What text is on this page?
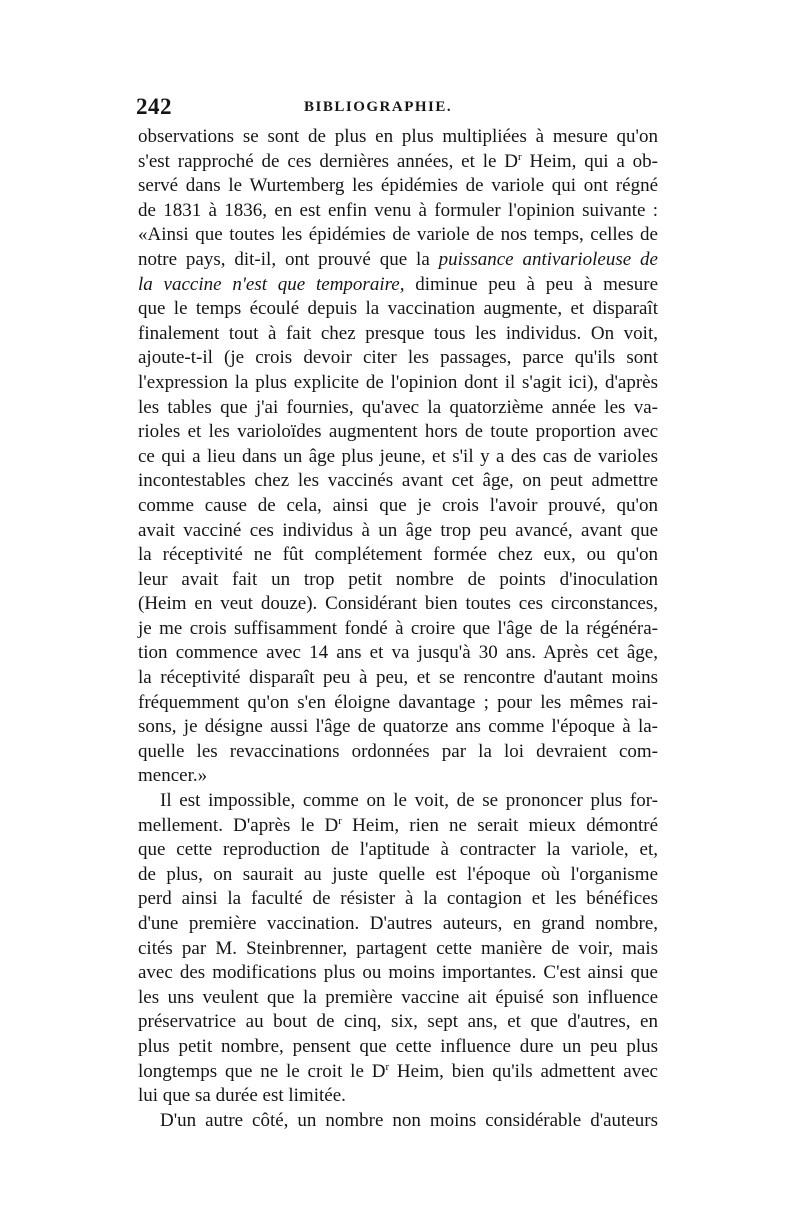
242	BIBLIOGRAPHIE.
observations se sont de plus en plus multipliées à mesure qu'on
s'est rapproché de ces dernières années, et le $D^r$ Heim, qui a ob-
servé dans le Wurtemberg les épidémies de variole qui ont régné
de 1831 à 1836, en est enfin venu à formuler l'opinion suivante :
«Ainsi que toutes les épidémies de variole de nos temps, celles de
notre pays, dit-il, ont prouvé que la puissance antivarioleuse de
la vaccine n'est que temporaire, diminue peu à peu à mesure
que le temps écoulé depuis la vaccination augmente, et disparaît
finalement tout à fait chez presque tous les individus. On voit,
ajoute-t-il (je crois devoir citer les passages, parce qu'ils sont
l'expression la plus explicite de l'opinion dont il s'agit ici), d'après
les tables que j'ai fournies, qu'avec la quatorzième année les va-
rioles et les varioloïdes augmentent hors de toute proportion avec
ce qui a lieu dans un âge plus jeune, et s'il y a des cas de varioles
incontestables chez les vaccinés avant cet âge, on peut admettre
comme cause de cela, ainsi que je crois l'avoir prouvé, qu'on
avait vacciné ces individus à un âge trop peu avancé, avant que
la réceptivité ne fût complétement formée chez eux, ou qu'on
leur avait fait un trop petit nombre de points d'inoculation
(Heim en veut douze). Considérant bien toutes ces circonstances,
je me crois suffisamment fondé à croire que l'âge de la régénéra-
tion commence avec 14 ans et va jusqu'à 30 ans. Après cet âge,
la réceptivité disparaît peu à peu, et se rencontre d'autant moins
fréquemment qu'on s'en éloigne davantage ; pour les mêmes rai-
sons, je désigne aussi l'âge de quatorze ans comme l'époque à la-
quelle les revaccinations ordonnées par la loi devraient com-
mencer.»
Il est impossible, comme on le voit, de se prononcer plus for-
mellement. D'après le $D^r$ Heim, rien ne serait mieux démontré
que cette reproduction de l'aptitude à contracter la variole, et,
de plus, on saurait au juste quelle est l'époque où l'organisme
perd ainsi la faculté de résister à la contagion et les bénéfices
d'une première vaccination. D'autres auteurs, en grand nombre,
cités par M. Steinbrenner, partagent cette manière de voir, mais
avec des modifications plus ou moins importantes. C'est ainsi que
les uns veulent que la première vaccine ait épuisé son influence
préservatrice au bout de cinq, six, sept ans, et que d'autres, en
plus petit nombre, pensent que cette influence dure un peu plus
longtemps que ne le croit le $D^r$ Heim, bien qu'ils admettent avec
lui que sa durée est limitée.
D'un autre côté, un nombre non moins considérable d'auteurs
